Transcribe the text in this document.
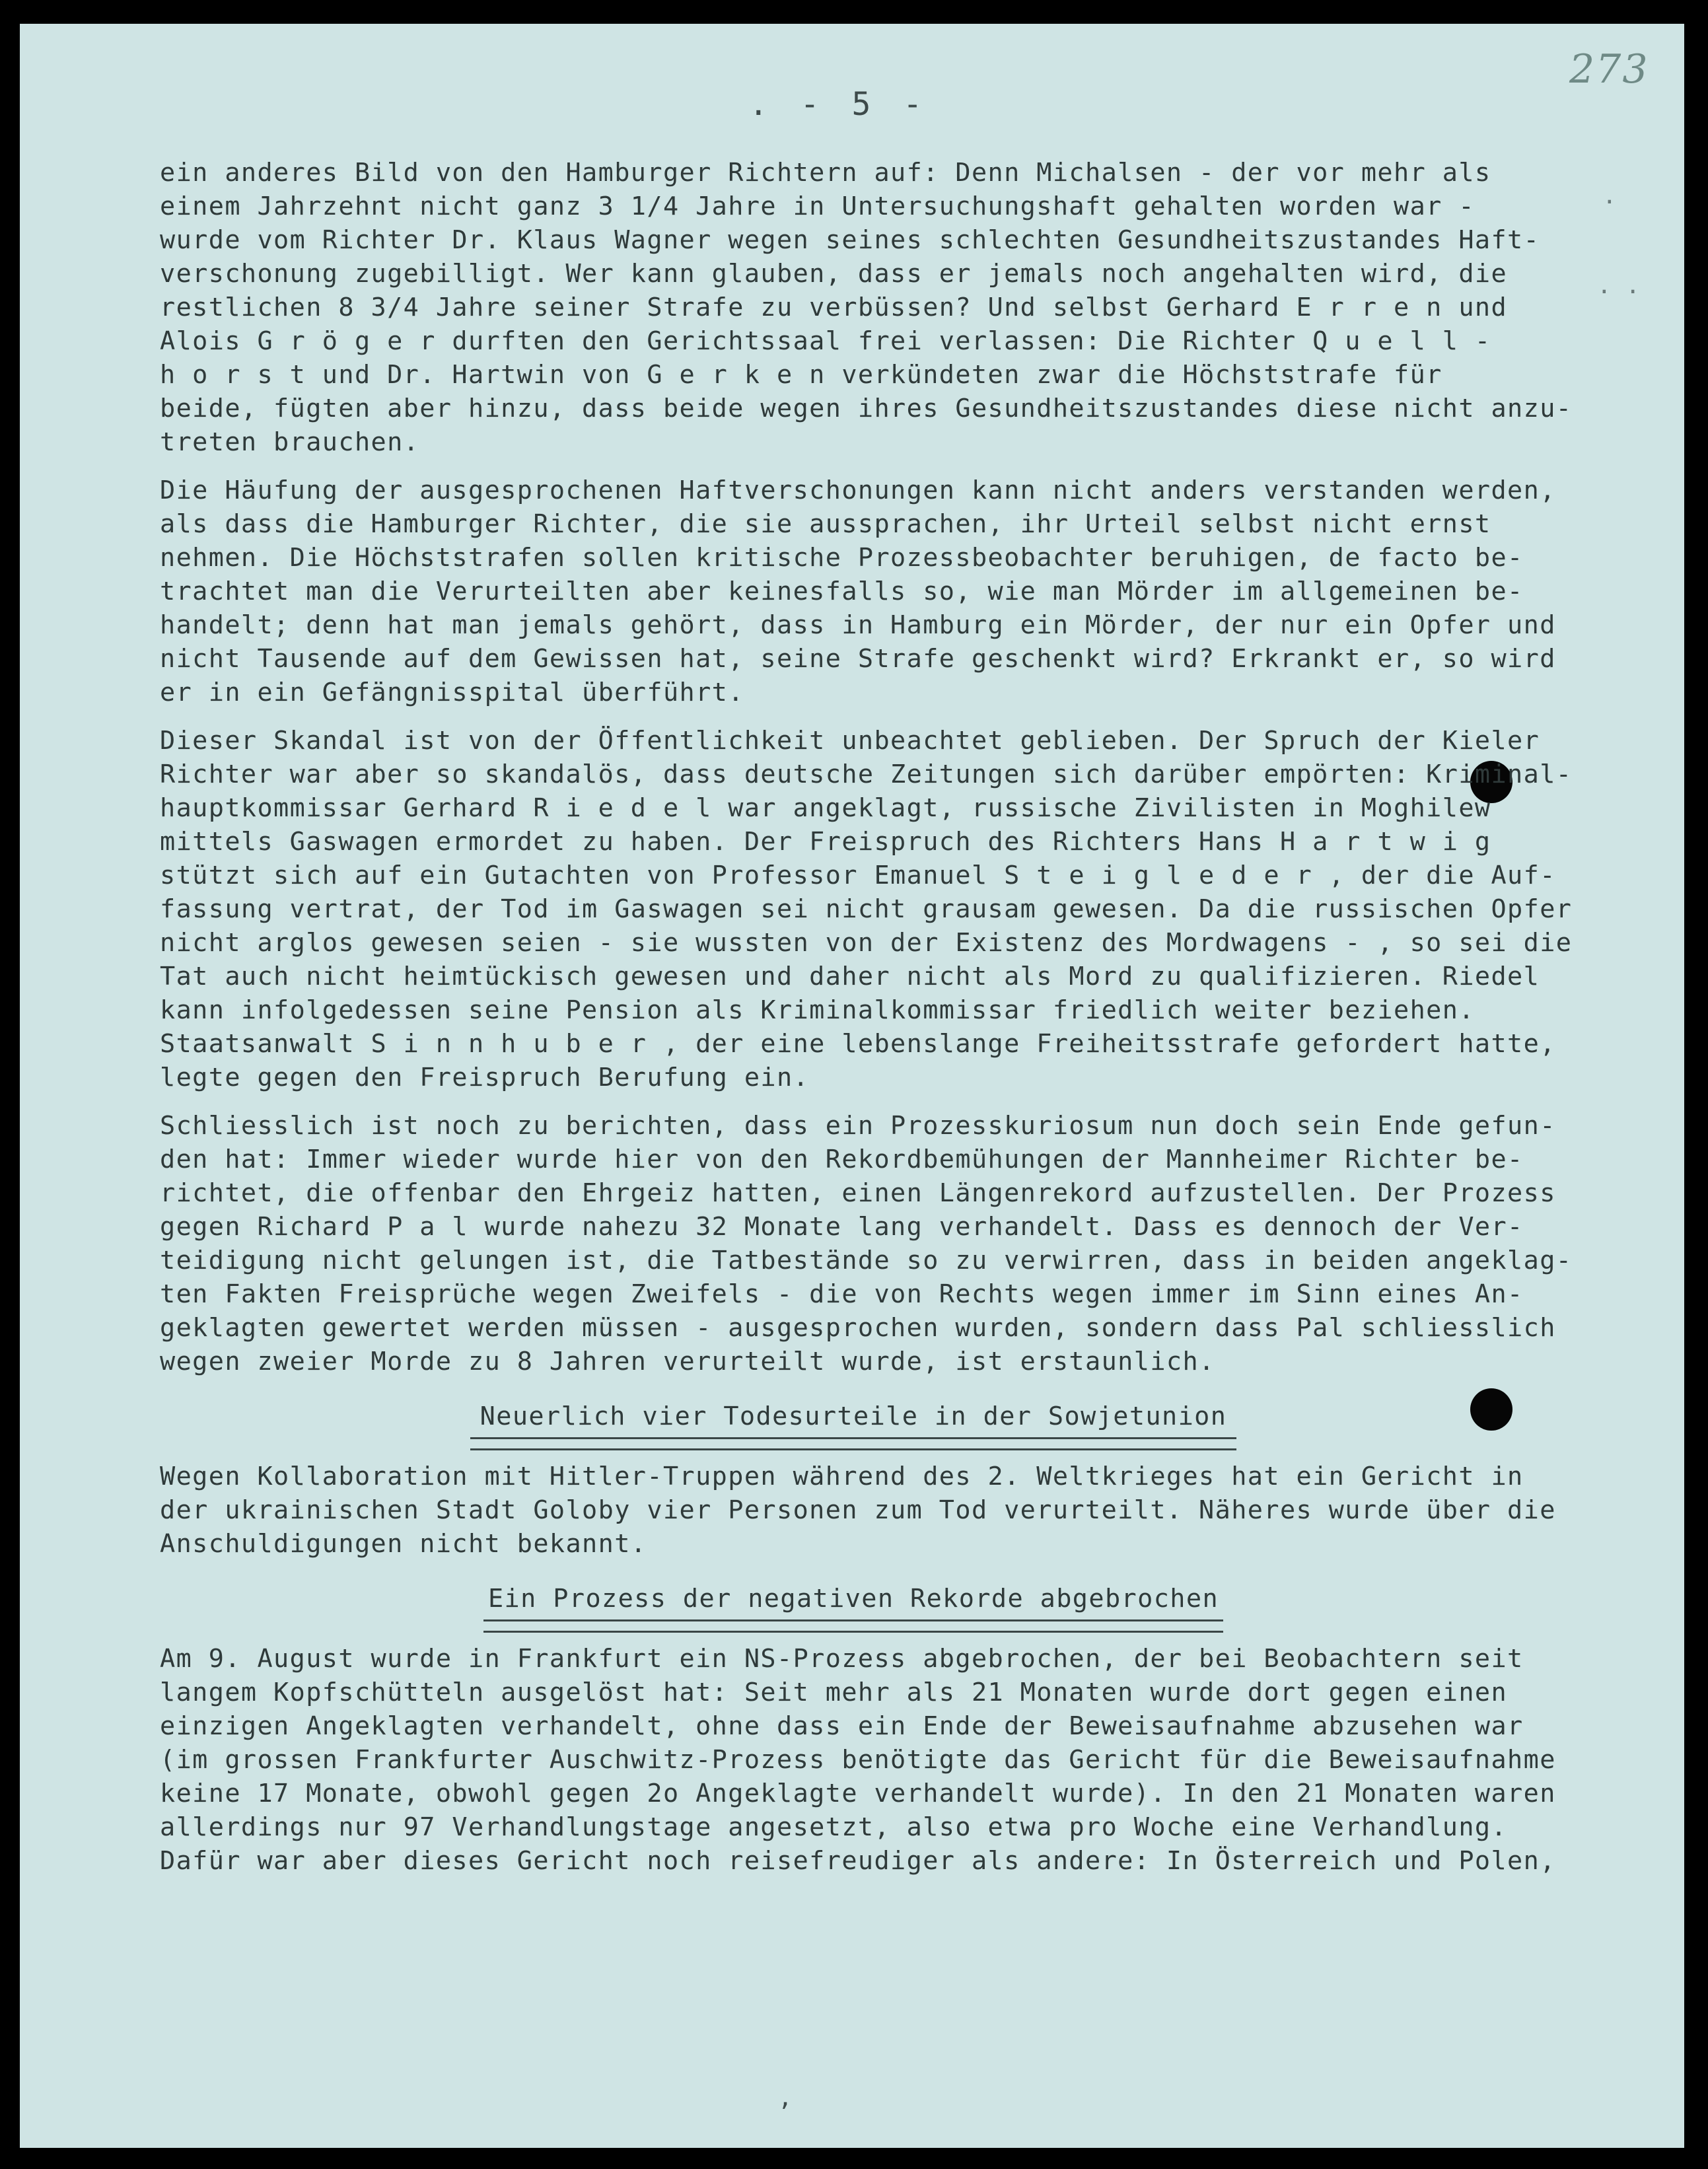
273
. - 5 -
·
· ·

ein anderes Bild von den Hamburger Richtern auf: Denn Michalsen - der vor mehr als
einem Jahrzehnt nicht ganz 3 1/4 Jahre in Untersuchungshaft gehalten worden war -
wurde vom Richter Dr. Klaus Wagner wegen seines schlechten Gesundheitszustandes Haft-
verschonung zugebilligt. Wer kann glauben, dass er jemals noch angehalten wird, die
restlichen 8 3/4 Jahre seiner Strafe zu verbüssen? Und selbst Gerhard E r r e n und
Alois G r ö g e r durften den Gerichtssaal frei verlassen: Die Richter Q u e l l -
h o r s t und Dr. Hartwin von G e r k e n verkündeten zwar die Höchststrafe für
beide, fügten aber hinzu, dass beide wegen ihres Gesundheitszustandes diese nicht anzu-
treten brauchen.

Die Häufung der ausgesprochenen Haftverschonungen kann nicht anders verstanden werden,
als dass die Hamburger Richter, die sie aussprachen, ihr Urteil selbst nicht ernst
nehmen. Die Höchststrafen sollen kritische Prozessbeobachter beruhigen, de facto be-
trachtet man die Verurteilten aber keinesfalls so, wie man Mörder im allgemeinen be-
handelt; denn hat man jemals gehört, dass in Hamburg ein Mörder, der nur ein Opfer und
nicht Tausende auf dem Gewissen hat, seine Strafe geschenkt wird? Erkrankt er, so wird
er in ein Gefängnisspital überführt.

Dieser Skandal ist von der Öffentlichkeit unbeachtet geblieben. Der Spruch der Kieler
Richter war aber so skandalös, dass deutsche Zeitungen sich darüber empörten: Kriminal-
hauptkommissar Gerhard R i e d e l war angeklagt, russische Zivilisten in Moghilew
mittels Gaswagen ermordet zu haben. Der Freispruch des Richters Hans H a r t w i g
stützt sich auf ein Gutachten von Professor Emanuel S t e i g l e d e r , der die Auf-
fassung vertrat, der Tod im Gaswagen sei nicht grausam gewesen. Da die russischen Opfer
nicht arglos gewesen seien - sie wussten von der Existenz des Mordwagens - , so sei die
Tat auch nicht heimtückisch gewesen und daher nicht als Mord zu qualifizieren. Riedel
kann infolgedessen seine Pension als Kriminalkommissar friedlich weiter beziehen.
Staatsanwalt S i n n h u b e r , der eine lebenslange Freiheitsstrafe gefordert hatte,
legte gegen den Freispruch Berufung ein.

Schliesslich ist noch zu berichten, dass ein Prozesskuriosum nun doch sein Ende gefun-
den hat: Immer wieder wurde hier von den Rekordbemühungen der Mannheimer Richter be-
richtet, die offenbar den Ehrgeiz hatten, einen Längenrekord aufzustellen. Der Prozess
gegen Richard P a l wurde nahezu 32 Monate lang verhandelt. Dass es dennoch der Ver-
teidigung nicht gelungen ist, die Tatbestände so zu verwirren, dass in beiden angeklag-
ten Fakten Freisprüche wegen Zweifels - die von Rechts wegen immer im Sinn eines An-
geklagten gewertet werden müssen - ausgesprochen wurden, sondern dass Pal schliesslich
wegen zweier Morde zu 8 Jahren verurteilt wurde, ist erstaunlich.

Neuerlich vier Todesurteile in der Sowjetunion

Wegen Kollaboration mit Hitler-Truppen während des 2. Weltkrieges hat ein Gericht in
der ukrainischen Stadt Goloby vier Personen zum Tod verurteilt. Näheres wurde über die
Anschuldigungen nicht bekannt.

Ein Prozess der negativen Rekorde abgebrochen

Am 9. August wurde in Frankfurt ein NS-Prozess abgebrochen, der bei Beobachtern seit
langem Kopfschütteln ausgelöst hat: Seit mehr als 21 Monaten wurde dort gegen einen
einzigen Angeklagten verhandelt, ohne dass ein Ende der Beweisaufnahme abzusehen war
(im grossen Frankfurter Auschwitz-Prozess benötigte das Gericht für die Beweisaufnahme
keine 17 Monate, obwohl gegen 2o Angeklagte verhandelt wurde). In den 21 Monaten waren
allerdings nur 97 Verhandlungstage angesetzt, also etwa pro Woche eine Verhandlung.
Dafür war aber dieses Gericht noch reisefreudiger als andere: In Österreich und Polen,

,
